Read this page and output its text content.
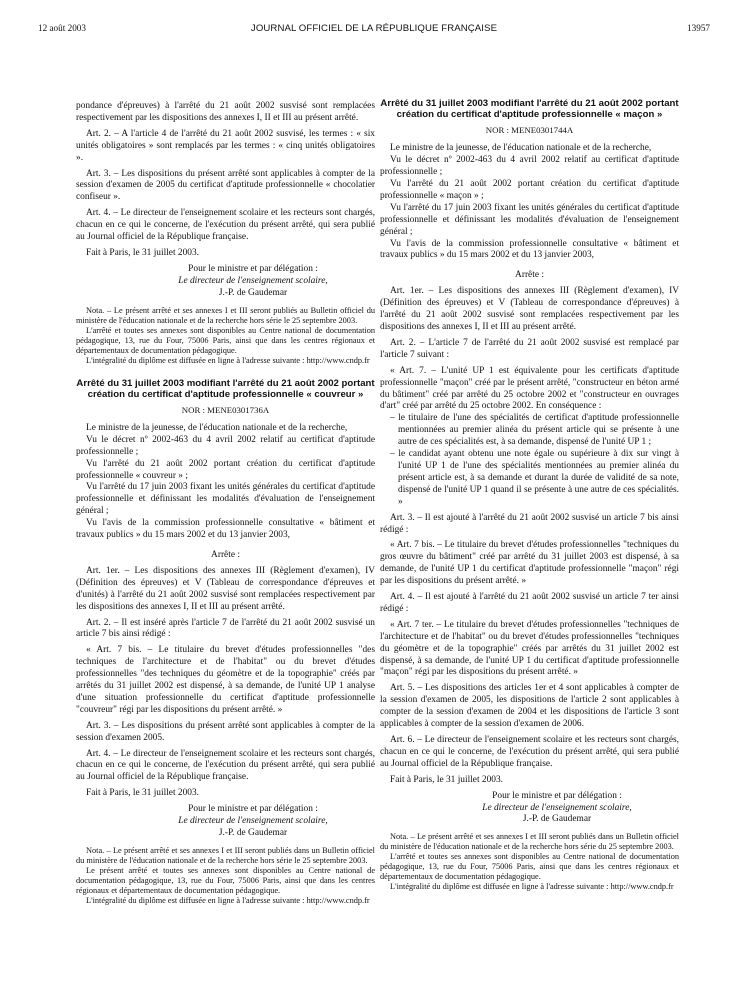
12 août 2003	JOURNAL OFFICIEL DE LA RÉPUBLIQUE FRANÇAISE	13957

pondance d'épreuves) à l'arrêté du 21 août 2002 susvisé sont remplacées respectivement par les dispositions des annexes I, II et III au présent arrêté.

Art. 2. – A l'article 4 de l'arrêté du 21 août 2002 susvisé, les termes : « six unités obligatoires » sont remplacés par les termes : « cinq unités obligatoires ».

Art. 3. – Les dispositions du présent arrêté sont applicables à compter de la session d'examen de 2005 du certificat d'aptitude professionnelle « chocolatier confiseur ».

Art. 4. – Le directeur de l'enseignement scolaire et les recteurs sont chargés, chacun en ce qui le concerne, de l'exécution du présent arrêté, qui sera publié au Journal officiel de la République française.

Fait à Paris, le 31 juillet 2003.

Pour le ministre et par délégation :

Le directeur de l'enseignement scolaire,

J.-P. de Gaudemar

Nota. – Le présent arrêté et ses annexes I et III seront publiés au Bulletin officiel du ministère de l'éducation nationale et de la recherche hors série le 25 septembre 2003.

L'arrêté et toutes ses annexes sont disponibles au Centre national de documentation pédagogique, 13, rue du Four, 75006 Paris, ainsi que dans les centres régionaux et départementaux de documentation pédagogique.

L'intégralité du diplôme est diffusée en ligne à l'adresse suivante : http://www.cndp.fr

Arrêté du 31 juillet 2003 modifiant l'arrêté du 21 août 2002 portant création du certificat d'aptitude professionnelle « couvreur »

NOR : MENE0301736A

Le ministre de la jeunesse, de l'éducation nationale et de la recherche,

Vu le décret nº 2002-463 du 4 avril 2002 relatif au certificat d'aptitude professionnelle ;

Vu l'arrêté du 21 août 2002 portant création du certificat d'aptitude professionnelle « couvreur » ;

Vu l'arrêté du 17 juin 2003 fixant les unités générales du certificat d'aptitude professionnelle et définissant les modalités d'évaluation de l'enseignement général ;

Vu l'avis de la commission professionnelle consultative « bâtiment et travaux publics » du 15 mars 2002 et du 13 janvier 2003,

Arrête :

Art. 1er. – Les dispositions des annexes III (Règlement d'examen), IV (Définition des épreuves) et V (Tableau de correspondance d'épreuves et d'unités) à l'arrêté du 21 août 2002 susvisé sont remplacées respectivement par les dispositions des annexes I, II et III au présent arrêté.

Art. 2. – Il est inséré après l'article 7 de l'arrêté du 21 août 2002 susvisé un article 7 bis ainsi rédigé :

« Art. 7 bis. – Le titulaire du brevet d'études professionnelles "des techniques de l'architecture et de l'habitat" ou du brevet d'études professionnelles "des techniques du géomètre et de la topographie" créés par arrêtés du 31 juillet 2002 est dispensé, à sa demande, de l'unité UP 1 analyse d'une situation professionnelle du certificat d'aptitude professionnelle "couvreur" régi par les dispositions du présent arrêté. »

Art. 3. – Les dispositions du présent arrêté sont applicables à compter de la session d'examen 2005.

Art. 4. – Le directeur de l'enseignement scolaire et les recteurs sont chargés, chacun en ce qui le concerne, de l'exécution du présent arrêté, qui sera publié au Journal officiel de la République française.

Fait à Paris, le 31 juillet 2003.

Pour le ministre et par délégation :

Le directeur de l'enseignement scolaire,

J.-P. de Gaudemar

Nota. – Le présent arrêté et ses annexes I et III seront publiés dans un Bulletin officiel du ministère de l'éducation nationale et de la recherche hors série le 25 septembre 2003.

Le présent arrêté et toutes ses annexes sont disponibles au Centre national de documentation pédagogique, 13, rue du Four, 75006 Paris, ainsi que dans les centres régionaux et départementaux de documentation pédagogique.

L'intégralité du diplôme est diffusée en ligne à l'adresse suivante : http://www.cndp.fr

Arrêté du 31 juillet 2003 modifiant l'arrêté du 21 août 2002 portant création du certificat d'aptitude professionnelle « maçon »

NOR : MENE0301744A

Le ministre de la jeunesse, de l'éducation nationale et de la recherche,

Vu le décret nº 2002-463 du 4 avril 2002 relatif au certificat d'aptitude professionnelle ;

Vu l'arrêté du 21 août 2002 portant création du certificat d'aptitude professionnelle « maçon » ;

Vu l'arrêté du 17 juin 2003 fixant les unités générales du certificat d'aptitude professionnelle et définissant les modalités d'évaluation de l'enseignement général ;

Vu l'avis de la commission professionnelle consultative « bâtiment et travaux publics » du 15 mars 2002 et du 13 janvier 2003,

Arrête :

Art. 1er. – Les dispositions des annexes III (Règlement d'examen), IV (Définition des épreuves) et V (Tableau de correspondance d'épreuves) à l'arrêté du 21 août 2002 susvisé sont remplacées respectivement par les dispositions des annexes I, II et III au présent arrêté.

Art. 2. – L'article 7 de l'arrêté du 21 août 2002 susvisé est remplacé par l'article 7 suivant :

« Art. 7. – L'unité UP 1 est équivalente pour les certificats d'aptitude professionnelle "maçon" créé par le présent arrêté, "constructeur en béton armé du bâtiment" créé par arrêté du 25 octobre 2002 et "constructeur en ouvrages d'art" créé par arrêté du 25 octobre 2002. En conséquence :

– le titulaire de l'une des spécialités de certificat d'aptitude professionnelle mentionnées au premier alinéa du présent article qui se présente à une autre de ces spécialités est, à sa demande, dispensé de l'unité UP 1 ;

– le candidat ayant obtenu une note égale ou supérieure à dix sur vingt à l'unité UP 1 de l'une des spécialités mentionnées au premier alinéa du présent article est, à sa demande et durant la durée de validité de sa note, dispensé de l'unité UP 1 quand il se présente à une autre de ces spécialités. »

Art. 3. – Il est ajouté à l'arrêté du 21 août 2002 susvisé un article 7 bis ainsi rédigé :

« Art. 7 bis. – Le titulaire du brevet d'études professionnelles "techniques du gros œuvre du bâtiment" créé par arrêté du 31 juillet 2003 est dispensé, à sa demande, de l'unité UP 1 du certificat d'aptitude professionnelle "maçon" régi par les dispositions du présent arrêté. »

Art. 4. – Il est ajouté à l'arrêté du 21 août 2002 susvisé un article 7 ter ainsi rédigé :

« Art. 7 ter. – Le titulaire du brevet d'études professionnelles "techniques de l'architecture et de l'habitat" ou du brevet d'études professionnelles "techniques du géomètre et de la topographie" créés par arrêtés du 31 juillet 2002 est dispensé, à sa demande, de l'unité UP 1 du certificat d'aptitude professionnelle "maçon" régi par les dispositions du présent arrêté. »

Art. 5. – Les dispositions des articles 1er et 4 sont applicables à compter de la session d'examen de 2005, les dispositions de l'article 2 sont applicables à compter de la session d'examen de 2004 et les dispositions de l'article 3 sont applicables à compter de la session d'examen de 2006.

Art. 6. – Le directeur de l'enseignement scolaire et les recteurs sont chargés, chacun en ce qui le concerne, de l'exécution du présent arrêté, qui sera publié au Journal officiel de la République française.

Fait à Paris, le 31 juillet 2003.

Pour le ministre et par délégation :

Le directeur de l'enseignement scolaire,

J.-P. de Gaudemar

Nota. – Le présent arrêté et ses annexes I et III seront publiés dans un Bulletin officiel du ministère de l'éducation nationale et de la recherche hors série du 25 septembre 2003.

L'arrêté et toutes ses annexes sont disponibles au Centre national de documentation pédagogique, 13, rue du Four, 75006 Paris, ainsi que dans les centres régionaux et départementaux de documentation pédagogique.

L'intégralité du diplôme est diffusée en ligne à l'adresse suivante : http://www.cndp.fr
